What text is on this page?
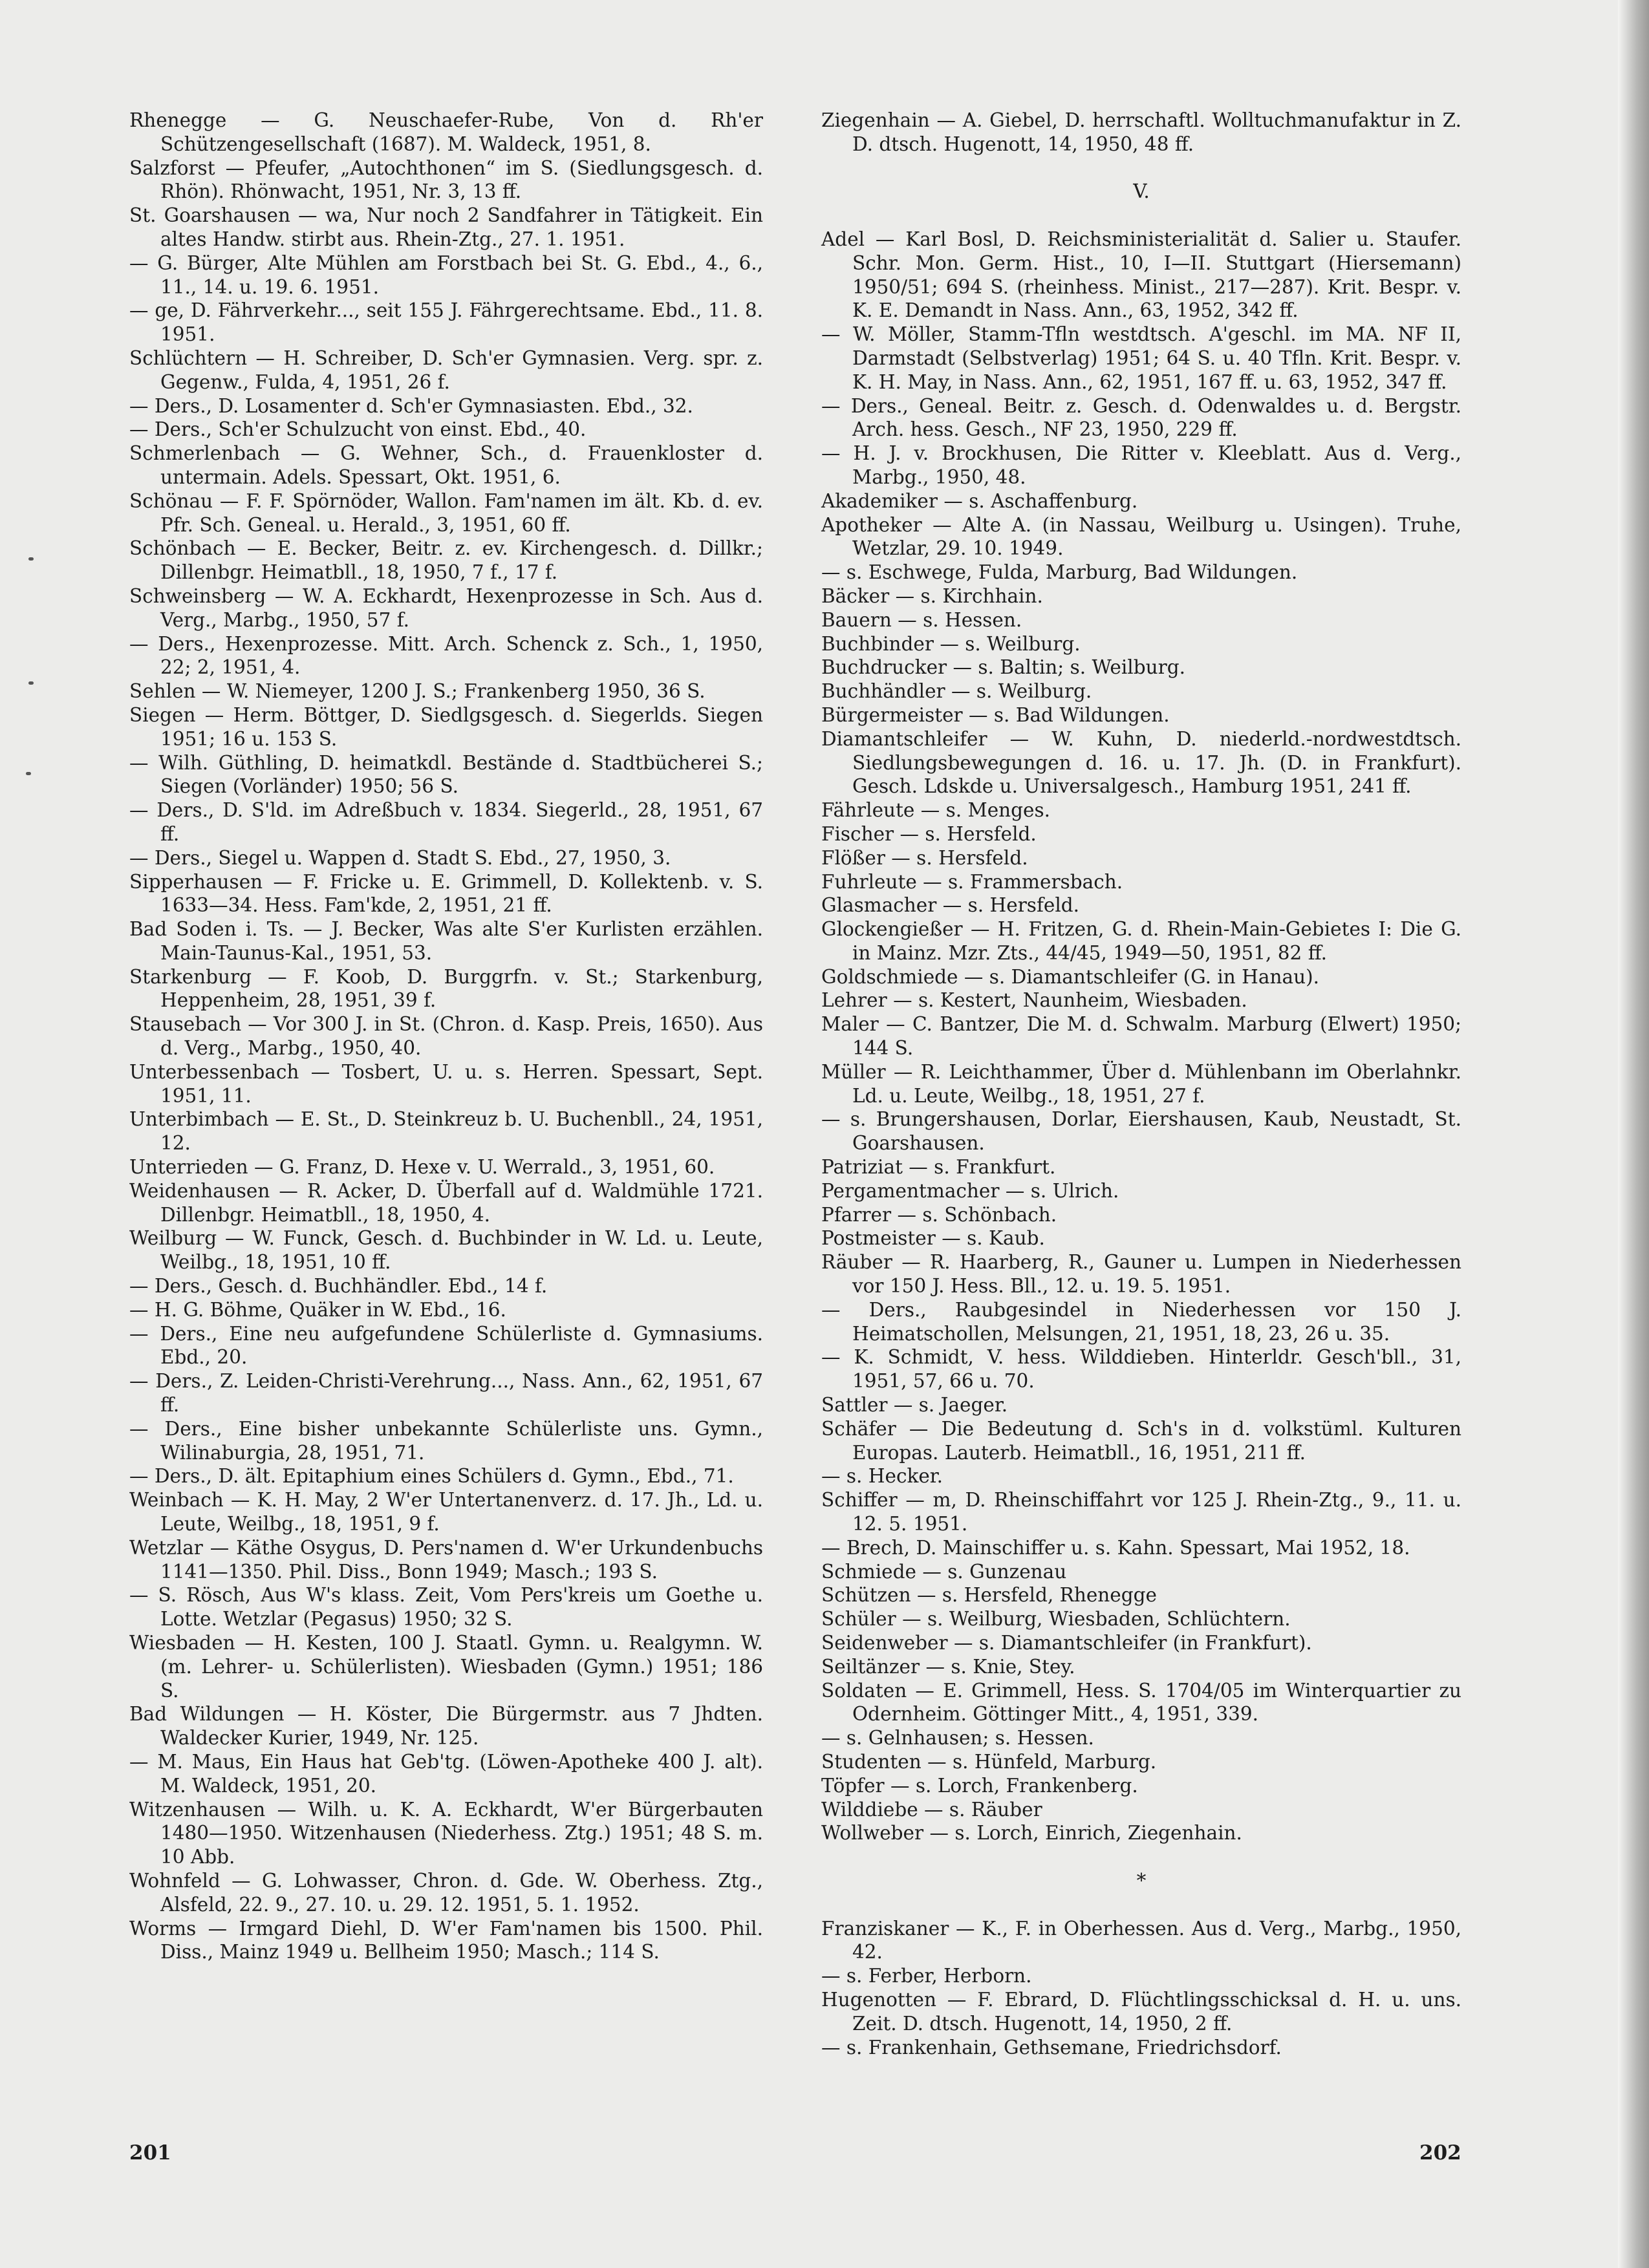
Rhenegge — G. Neuschaefer-Rube, Von d. Rh'er Schützengesellschaft (1687). M. Waldeck, 1951, 8.
Salzforst — Pfeufer, „Autochthonen“ im S. (Siedlungsgesch. d. Rhön). Rhönwacht, 1951, Nr. 3, 13 ff.
St. Goarshausen — wa, Nur noch 2 Sandfahrer in Tätigkeit. Ein altes Handw. stirbt aus. Rhein-Ztg., 27. 1. 1951.
— G. Bürger, Alte Mühlen am Forstbach bei St. G. Ebd., 4., 6., 11., 14. u. 19. 6. 1951.
— ge, D. Fährverkehr..., seit 155 J. Fährgerechtsame. Ebd., 11. 8. 1951.
Schlüchtern — H. Schreiber, D. Sch'er Gymnasien. Verg. spr. z. Gegenw., Fulda, 4, 1951, 26 f.
— Ders., D. Losamenter d. Sch'er Gymnasiasten. Ebd., 32.
— Ders., Sch'er Schulzucht von einst. Ebd., 40.
Schmerlenbach — G. Wehner, Sch., d. Frauenkloster d. untermain. Adels. Spessart, Okt. 1951, 6.
Schönau — F. F. Spörnöder, Wallon. Fam'namen im ält. Kb. d. ev. Pfr. Sch. Geneal. u. Herald., 3, 1951, 60 ff.
Schönbach — E. Becker, Beitr. z. ev. Kirchengesch. d. Dillkr.; Dillenbgr. Heimatbll., 18, 1950, 7 f., 17 f.
Schweinsberg — W. A. Eckhardt, Hexenprozesse in Sch. Aus d. Verg., Marbg., 1950, 57 f.
— Ders., Hexenprozesse. Mitt. Arch. Schenck z. Sch., 1, 1950, 22; 2, 1951, 4.
Sehlen — W. Niemeyer, 1200 J. S.; Frankenberg 1950, 36 S.
Siegen — Herm. Böttger, D. Siedlgsgesch. d. Siegerlds. Siegen 1951; 16 u. 153 S.
— Wilh. Güthling, D. heimatkdl. Bestände d. Stadtbücherei S.; Siegen (Vorländer) 1950; 56 S.
— Ders., D. S'ld. im Adreßbuch v. 1834. Siegerld., 28, 1951, 67 ff.
— Ders., Siegel u. Wappen d. Stadt S. Ebd., 27, 1950, 3.
Sipperhausen — F. Fricke u. E. Grimmell, D. Kollektenb. v. S. 1633—34. Hess. Fam'kde, 2, 1951, 21 ff.
Bad Soden i. Ts. — J. Becker, Was alte S'er Kurlisten erzählen. Main-Taunus-Kal., 1951, 53.
Starkenburg — F. Koob, D. Burggrfn. v. St.; Starkenburg, Heppenheim, 28, 1951, 39 f.
Stausebach — Vor 300 J. in St. (Chron. d. Kasp. Preis, 1650). Aus d. Verg., Marbg., 1950, 40.
Unterbessenbach — Tosbert, U. u. s. Herren. Spessart, Sept. 1951, 11.
Unterbimbach — E. St., D. Steinkreuz b. U. Buchenbll., 24, 1951, 12.
Unterrieden — G. Franz, D. Hexe v. U. Werrald., 3, 1951, 60.
Weidenhausen — R. Acker, D. Überfall auf d. Waldmühle 1721. Dillenbgr. Heimatbll., 18, 1950, 4.
Weilburg — W. Funck, Gesch. d. Buchbinder in W. Ld. u. Leute, Weilbg., 18, 1951, 10 ff.
— Ders., Gesch. d. Buchhändler. Ebd., 14 f.
— H. G. Böhme, Quäker in W. Ebd., 16.
— Ders., Eine neu aufgefundene Schülerliste d. Gymnasiums. Ebd., 20.
— Ders., Z. Leiden-Christi-Verehrung..., Nass. Ann., 62, 1951, 67 ff.
— Ders., Eine bisher unbekannte Schülerliste uns. Gymn., Wilinaburgia, 28, 1951, 71.
— Ders., D. ält. Epitaphium eines Schülers d. Gymn., Ebd., 71.
Weinbach — K. H. May, 2 W'er Untertanenverz. d. 17. Jh., Ld. u. Leute, Weilbg., 18, 1951, 9 f.
Wetzlar — Käthe Osygus, D. Pers'namen d. W'er Urkundenbuchs 1141—1350. Phil. Diss., Bonn 1949; Masch.; 193 S.
— S. Rösch, Aus W's klass. Zeit, Vom Pers'kreis um Goethe u. Lotte. Wetzlar (Pegasus) 1950; 32 S.
Wiesbaden — H. Kesten, 100 J. Staatl. Gymn. u. Realgymn. W. (m. Lehrer- u. Schülerlisten). Wiesbaden (Gymn.) 1951; 186 S.
Bad Wildungen — H. Köster, Die Bürgermstr. aus 7 Jhdten. Waldecker Kurier, 1949, Nr. 125.
— M. Maus, Ein Haus hat Geb'tg. (Löwen-Apotheke 400 J. alt). M. Waldeck, 1951, 20.
Witzenhausen — Wilh. u. K. A. Eckhardt, W'er Bürgerbauten 1480—1950. Witzenhausen (Niederhess. Ztg.) 1951; 48 S. m. 10 Abb.
Wohnfeld — G. Lohwasser, Chron. d. Gde. W. Oberhess. Ztg., Alsfeld, 22. 9., 27. 10. u. 29. 12. 1951, 5. 1. 1952.
Worms — Irmgard Diehl, D. W'er Fam'namen bis 1500. Phil. Diss., Mainz 1949 u. Bellheim 1950; Masch.; 114 S.
Ziegenhain — A. Giebel, D. herrschaftl. Wolltuchmanufaktur in Z. D. dtsch. Hugenott, 14, 1950, 48 ff.
V.
Adel — Karl Bosl, D. Reichsministerialität d. Salier u. Staufer. Schr. Mon. Germ. Hist., 10, I—II. Stuttgart (Hiersemann) 1950/51; 694 S. (rheinhess. Minist., 217—287). Krit. Bespr. v. K. E. Demandt in Nass. Ann., 63, 1952, 342 ff.
— W. Möller, Stamm-Tfln westdtsch. A'geschl. im MA. NF II, Darmstadt (Selbstverlag) 1951; 64 S. u. 40 Tfln. Krit. Bespr. v. K. H. May, in Nass. Ann., 62, 1951, 167 ff. u. 63, 1952, 347 ff.
— Ders., Geneal. Beitr. z. Gesch. d. Odenwaldes u. d. Bergstr. Arch. hess. Gesch., NF 23, 1950, 229 ff.
— H. J. v. Brockhusen, Die Ritter v. Kleeblatt. Aus d. Verg., Marbg., 1950, 48.
Akademiker — s. Aschaffenburg.
Apotheker — Alte A. (in Nassau, Weilburg u. Usingen). Truhe, Wetzlar, 29. 10. 1949.
— s. Eschwege, Fulda, Marburg, Bad Wildungen.
Bäcker — s. Kirchhain.
Bauern — s. Hessen.
Buchbinder — s. Weilburg.
Buchdrucker — s. Baltin; s. Weilburg.
Buchhändler — s. Weilburg.
Bürgermeister — s. Bad Wildungen.
Diamantschleifer — W. Kuhn, D. niederld.-nordwestdtsch. Siedlungsbewegungen d. 16. u. 17. Jh. (D. in Frankfurt). Gesch. Ldskde u. Universalgesch., Hamburg 1951, 241 ff.
Fährleute — s. Menges.
Fischer — s. Hersfeld.
Flößer — s. Hersfeld.
Fuhrleute — s. Frammersbach.
Glasmacher — s. Hersfeld.
Glockengießer — H. Fritzen, G. d. Rhein-Main-Gebietes I: Die G. in Mainz. Mzr. Zts., 44/45, 1949—50, 1951, 82 ff.
Goldschmiede — s. Diamantschleifer (G. in Hanau).
Lehrer — s. Kestert, Naunheim, Wiesbaden.
Maler — C. Bantzer, Die M. d. Schwalm. Marburg (Elwert) 1950; 144 S.
Müller — R. Leichthammer, Über d. Mühlenbann im Oberlahnkr. Ld. u. Leute, Weilbg., 18, 1951, 27 f.
— s. Brungershausen, Dorlar, Eiershausen, Kaub, Neustadt, St. Goarshausen.
Patriziat — s. Frankfurt.
Pergamentmacher — s. Ulrich.
Pfarrer — s. Schönbach.
Postmeister — s. Kaub.
Räuber — R. Haarberg, R., Gauner u. Lumpen in Niederhessen vor 150 J. Hess. Bll., 12. u. 19. 5. 1951.
— Ders., Raubgesindel in Niederhessen vor 150 J. Heimatschollen, Melsungen, 21, 1951, 18, 23, 26 u. 35.
— K. Schmidt, V. hess. Wilddieben. Hinterldr. Gesch'bll., 31, 1951, 57, 66 u. 70.
Sattler — s. Jaeger.
Schäfer — Die Bedeutung d. Sch's in d. volkstüml. Kulturen Europas. Lauterb. Heimatbll., 16, 1951, 211 ff.
— s. Hecker.
Schiffer — m, D. Rheinschiffahrt vor 125 J. Rhein-Ztg., 9., 11. u. 12. 5. 1951.
— Brech, D. Mainschiffer u. s. Kahn. Spessart, Mai 1952, 18.
Schmiede — s. Gunzenau
Schützen — s. Hersfeld, Rhenegge
Schüler — s. Weilburg, Wiesbaden, Schlüchtern.
Seidenweber — s. Diamantschleifer (in Frankfurt).
Seiltänzer — s. Knie, Stey.
Soldaten — E. Grimmell, Hess. S. 1704/05 im Winterquartier zu Odernheim. Göttinger Mitt., 4, 1951, 339.
— s. Gelnhausen; s. Hessen.
Studenten — s. Hünfeld, Marburg.
Töpfer — s. Lorch, Frankenberg.
Wilddiebe — s. Räuber
Wollweber — s. Lorch, Einrich, Ziegenhain.
*
Franziskaner — K., F. in Oberhessen. Aus d. Verg., Marbg., 1950, 42.
— s. Ferber, Herborn.
Hugenotten — F. Ebrard, D. Flüchtlingsschicksal d. H. u. uns. Zeit. D. dtsch. Hugenott, 14, 1950, 2 ff.
— s. Frankenhain, Gethsemane, Friedrichsdorf.
201	202
